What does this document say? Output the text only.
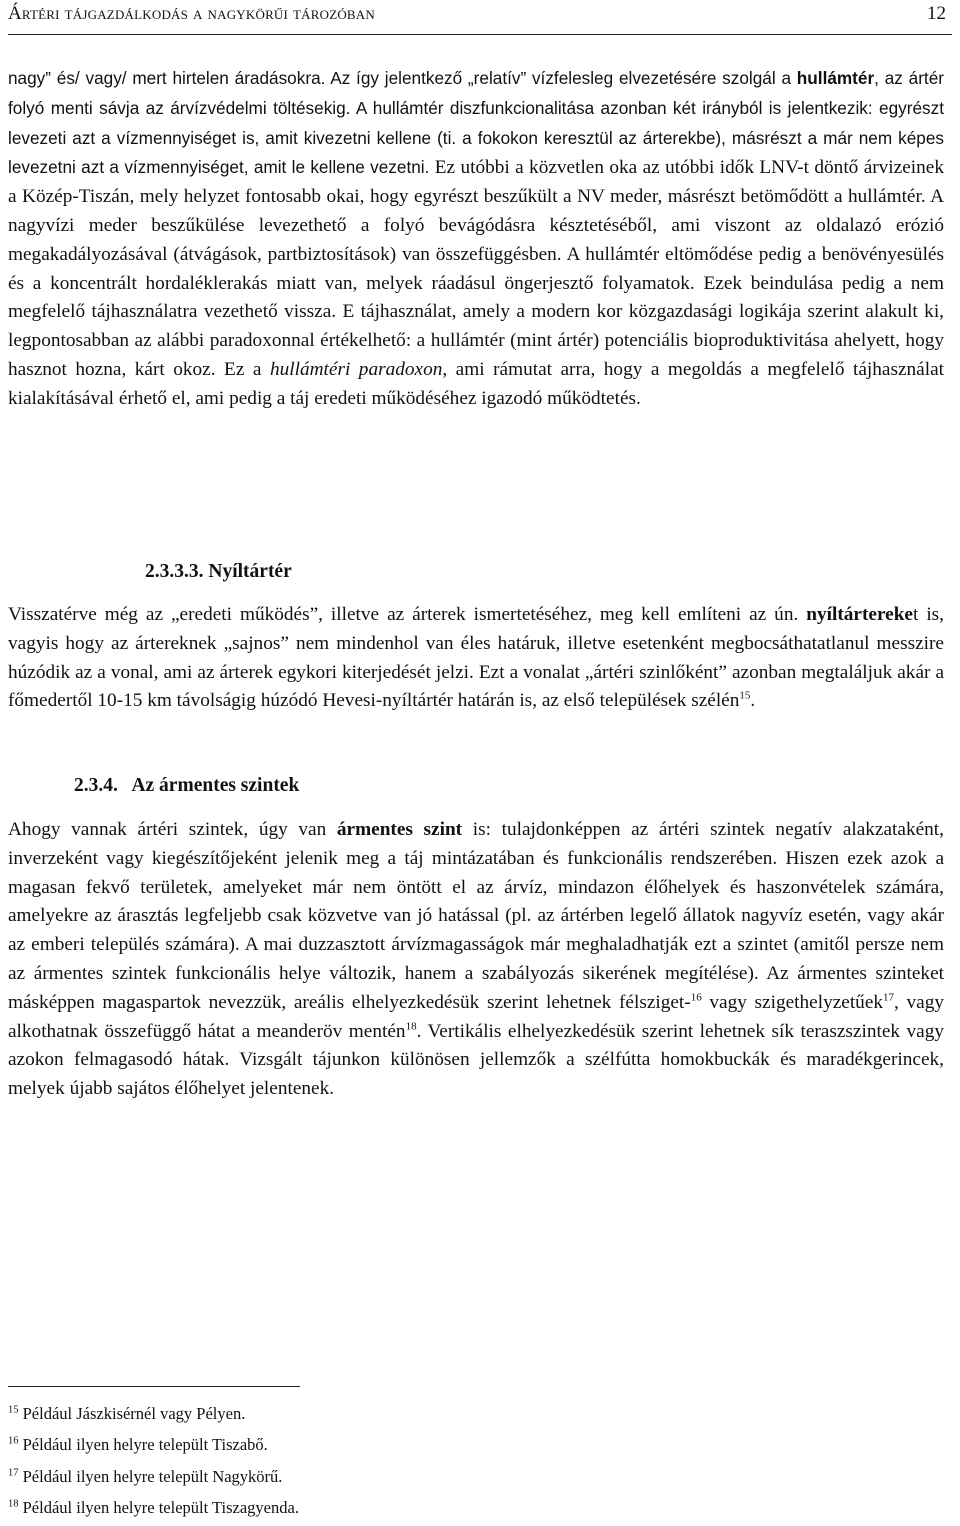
Ártéri tájgazdálkodás a nagykörűi tározóban	12
nagy” és/ vagy/ mert hirtelen áradásokra. Az így jelentkező „relatív” vízfelesleg elvezetésére szolgál a hullámtér, az ártér folyó menti sávja az árvízvédelmi töltésekig. A hullámtér diszfunkcionalitása azonban két irányból is jelentkezik: egyrészt levezeti azt a vízmennyiséget is, amit kivezetni kellene (ti. a fokokon keresztül az árterekbe), másrészt a már nem képes levezetni azt a vízmennyiséget, amit le kellene vezetni. Ez utóbbi a közvetlen oka az utóbbi idők LNV-t döntő árvizeinek a Közép-Tiszán, mely helyzet fontosabb okai, hogy egyrészt beszűkült a NV meder, másrészt betömődött a hullámtér. A nagyvízi meder beszűkülése levezethető a folyó bevágódásra késztetéséből, ami viszont az oldalazó erózió megakadályozásával (átvágások, partbiztosítások) van összefüggésben. A hullámtér eltömődése pedig a benövényesülés és a koncentrált hordaléklerakás miatt van, melyek ráadásul öngerjesztő folyamatok. Ezek beindulása pedig a nem megfelelő tájhasználatra vezethető vissza. E tájhasználat, amely a modern kor közgazdasági logikája szerint alakult ki, legpontosabban az alábbi paradoxonnal értékelhető: a hullámtér (mint ártér) potenciális bioproduktivitása ahelyett, hogy hasznot hozna, kárt okoz. Ez a hullámtéri paradoxon, ami rámutat arra, hogy a megoldás a megfelelő tájhasználat kialakításával érhető el, ami pedig a táj eredeti működéséhez igazodó működtetés.
2.3.3.3. Nyíltártér
Visszatérve még az „eredeti működés”, illetve az árterek ismertetéséhez, meg kell említeni az ún. nyíltártereket is, vagyis hogy az ártereknek „sajnos” nem mindenhol van éles határuk, illetve esetenként megbocsáthatatlanul messzire húzódik az a vonal, ami az árterek egykori kiterjedését jelzi. Ezt a vonalat „ártéri szinlőként” azonban megtaláljuk akár a főmedertől 10-15 km távolságig húzódó Hevesi-nyíltártér határán is, az első települések szélén$^{15}$.
2.3.4. Az ármentes szintek
Ahogy vannak ártéri szintek, úgy van ármentes szint is: tulajdonképpen az ártéri szintek negatív alakzataként, inverzeként vagy kiegészítőjeként jelenik meg a táj mintázatában és funkcionális rendszerében. Hiszen ezek azok a magasan fekvő területek, amelyeket már nem öntött el az árvíz, mindazon élőhelyek és haszonvételek számára, amelyekre az árasztás legfeljebb csak közvetve van jó hatással (pl. az ártérben legelő állatok nagyvíz esetén, vagy akár az emberi település számára). A mai duzzasztott árvízmagasságok már meghaladhatják ezt a szintet (amitől persze nem az ármentes szintek funkcionális helye változik, hanem a szabályozás sikerének megítélése). Az ármentes szinteket másképpen magaspartok nevezzük, areális elhelyezkedésük szerint lehetnek félsziget-$^{16}$ vagy szigethelyzetűek$^{17}$, vagy alkothatnak összefüggő hátat a meanderöv mentén$^{18}$. Vertikális elhelyezkedésük szerint lehetnek sík teraszszintek vagy azokon felmagasodó hátak. Vizsgált tájunkon különösen jellemzők a szélfútta homokbuckák és maradékgerincek, melyek újabb sajátos élőhelyet jelentenek.
$^{15}$ Például Jászkisérnél vagy Pélyen.
$^{16}$ Például ilyen helyre települt Tiszabő.
$^{17}$ Például ilyen helyre települt Nagykörű.
$^{18}$ Például ilyen helyre települt Tiszagyenda.
